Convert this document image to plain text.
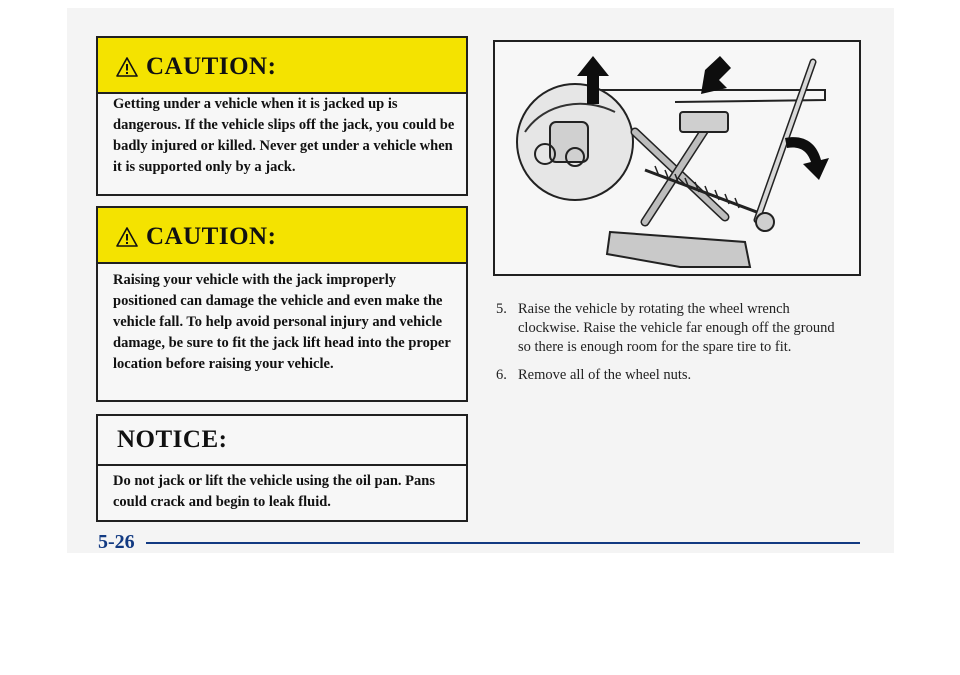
CAUTION:
Getting under a vehicle when it is jacked up is dangerous. If the vehicle slips off the jack, you could be badly injured or killed. Never get under a vehicle when it is supported only by a jack.
CAUTION:
Raising your vehicle with the jack improperly positioned can damage the vehicle and even make the vehicle fall. To help avoid personal injury and vehicle damage, be sure to fit the jack lift head into the proper location before raising your vehicle.
NOTICE:
Do not jack or lift the vehicle using the oil pan. Pans could crack and begin to leak fluid.
5. Raise the vehicle by rotating the wheel wrench clockwise. Raise the vehicle far enough off the ground so there is enough room for the spare tire to fit.
6. Remove all of the wheel nuts.
5-26
